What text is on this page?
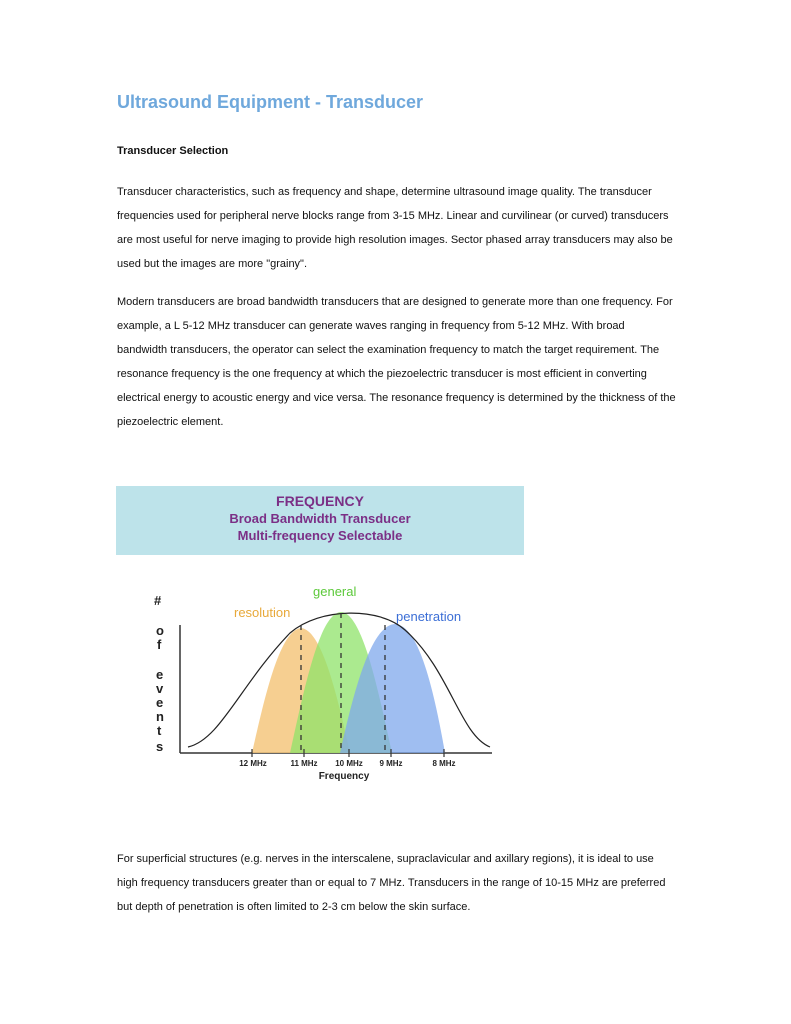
Ultrasound Equipment - Transducer

Transducer Selection

Transducer characteristics, such as frequency and shape, determine ultrasound image quality. The transducer frequencies used for peripheral nerve blocks range from 3-15 MHz. Linear and curvilinear (or curved) transducers are most useful for nerve imaging to provide high resolution images. Sector phased array transducers may also be used but the images are more "grainy".

Modern transducers are broad bandwidth transducers that are designed to generate more than one frequency. For example, a L 5-12 MHz transducer can generate waves ranging in frequency from 5-12 MHz. With broad bandwidth transducers, the operator can select the examination frequency to match the target requirement. The resonance frequency is the one frequency at which the piezoelectric transducer is most efficient in converting electrical energy to acoustic energy and vice versa. The resonance frequency is determined by the thickness of the piezoelectric element.

FREQUENCY
Broad Bandwidth Transducer
Multi-frequency Selectable
#
o
f
e
v
e
n
t
s
resolution
general
penetration
12 MHz	11 MHz 10 MHz 9 MHz	8 MHz
Frequency

For superficial structures (e.g. nerves in the interscalene, supraclavicular and axillary regions), it is ideal to use high frequency transducers greater than or equal to 7 MHz. Transducers in the range of 10-15 MHz are preferred but depth of penetration is often limited to 2-3 cm below the skin surface.
